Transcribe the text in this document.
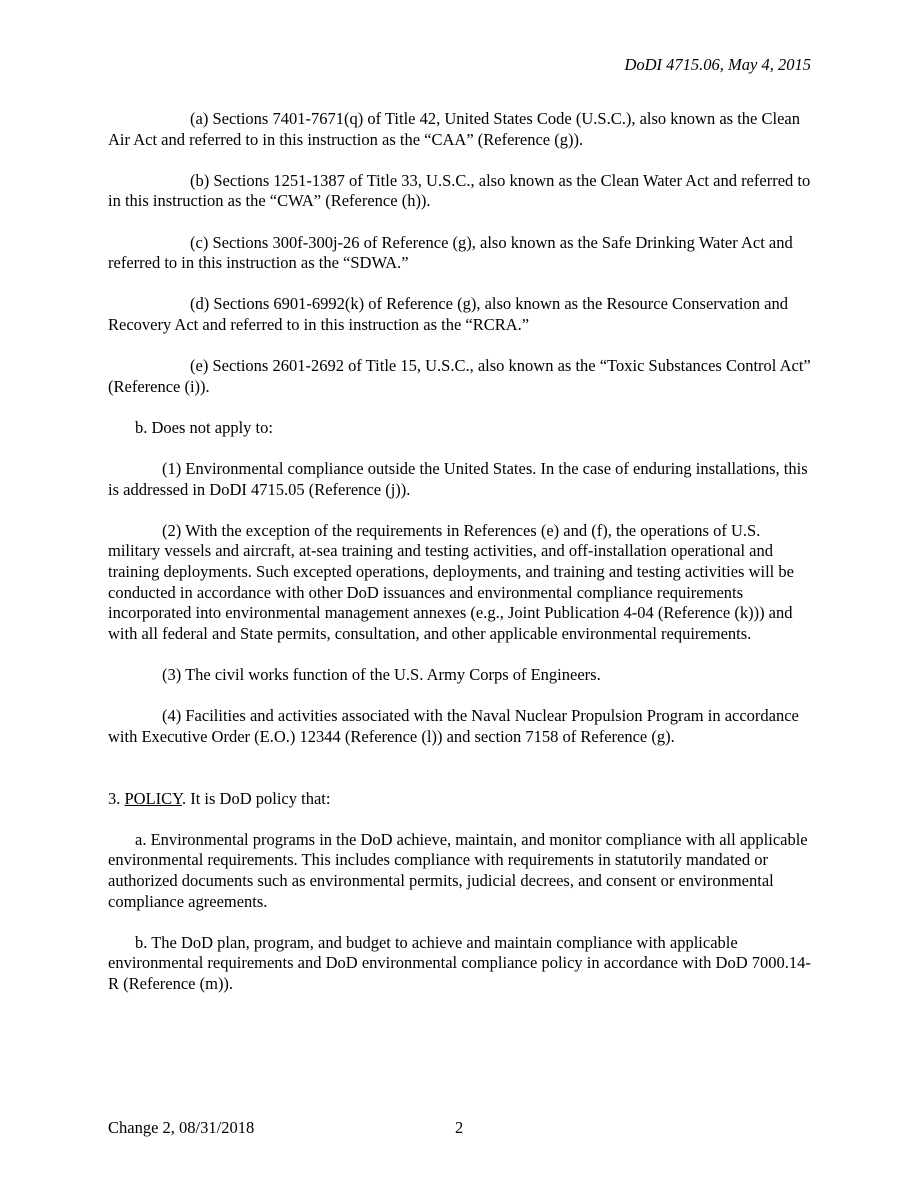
DoDI 4715.06, May 4, 2015

(a) Sections 7401-7671(q) of Title 42, United States Code (U.S.C.), also known as the Clean Air Act and referred to in this instruction as the “CAA” (Reference (g)).

(b) Sections 1251-1387 of Title 33, U.S.C., also known as the Clean Water Act and referred to in this instruction as the “CWA” (Reference (h)).

(c) Sections 300f-300j-26 of Reference (g), also known as the Safe Drinking Water Act and referred to in this instruction as the “SDWA.”

(d) Sections 6901-6992(k) of Reference (g), also known as the Resource Conservation and Recovery Act and referred to in this instruction as the “RCRA.”

(e) Sections 2601-2692 of Title 15, U.S.C., also known as the “Toxic Substances Control Act” (Reference (i)).

b. Does not apply to:

(1) Environmental compliance outside the United States. In the case of enduring installations, this is addressed in DoDI 4715.05 (Reference (j)).

(2) With the exception of the requirements in References (e) and (f), the operations of U.S. military vessels and aircraft, at-sea training and testing activities, and off-installation operational and training deployments. Such excepted operations, deployments, and training and testing activities will be conducted in accordance with other DoD issuances and environmental compliance requirements incorporated into environmental management annexes (e.g., Joint Publication 4-04 (Reference (k))) and with all federal and State permits, consultation, and other applicable environmental requirements.

(3) The civil works function of the U.S. Army Corps of Engineers.

(4) Facilities and activities associated with the Naval Nuclear Propulsion Program in accordance with Executive Order (E.O.) 12344 (Reference (l)) and section 7158 of Reference (g).

3. POLICY. It is DoD policy that:

a. Environmental programs in the DoD achieve, maintain, and monitor compliance with all applicable environmental requirements. This includes compliance with requirements in statutorily mandated or authorized documents such as environmental permits, judicial decrees, and consent or environmental compliance agreements.

b. The DoD plan, program, and budget to achieve and maintain compliance with applicable environmental requirements and DoD environmental compliance policy in accordance with DoD 7000.14-R (Reference (m)).

Change 2, 08/31/2018	2
